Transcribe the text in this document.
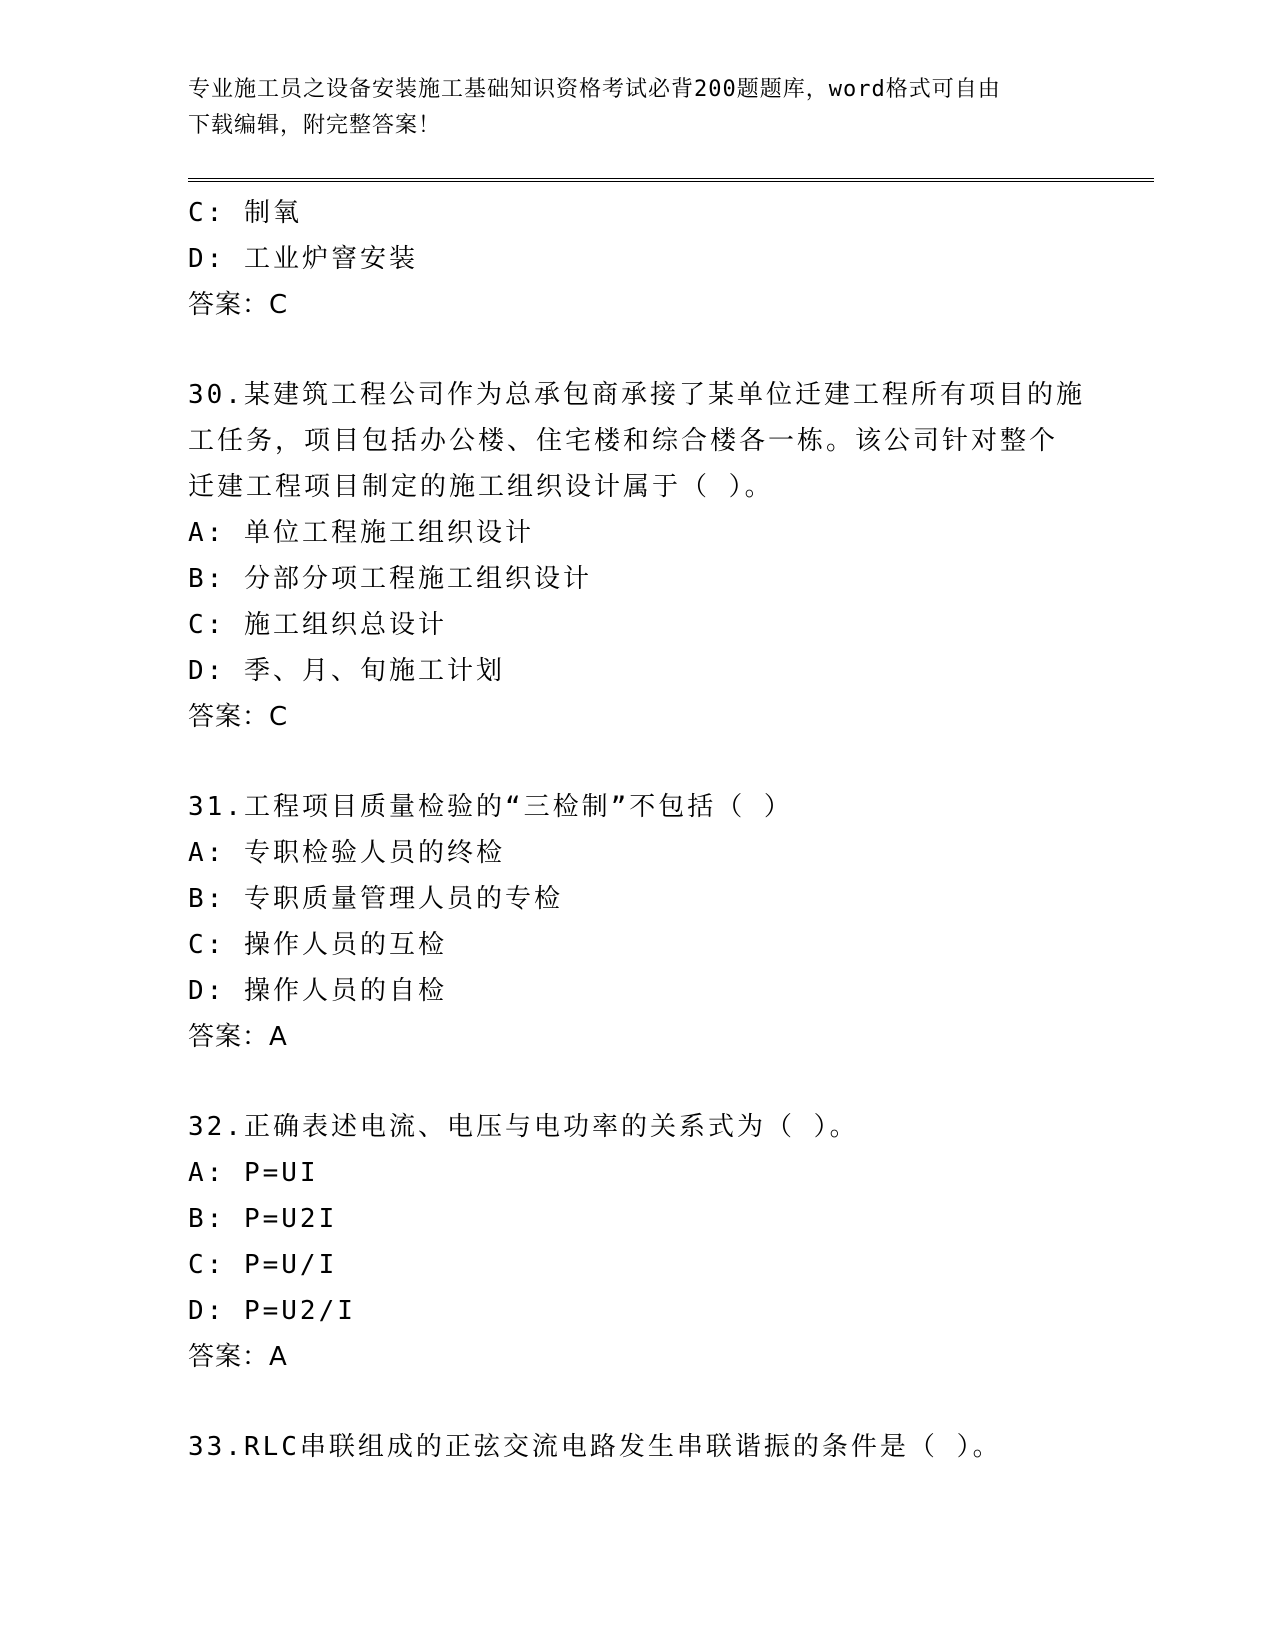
专业施工员之设备安装施工基础知识资格考试必背200题题库，word格式可自由
下载编辑，附完整答案！
C: 制氧
D: 工业炉窨安装
答案：C
30.某建筑工程公司作为总承包商承接了某单位迁建工程所有项目的施
工任务，项目包括办公楼、住宅楼和综合楼各一栋。该公司针对整个
迁建工程项目制定的施工组织设计属于（ ）。
A: 单位工程施工组织设计
B: 分部分项工程施工组织设计
C: 施工组织总设计
D: 季、月、旬施工计划
答案：C
31.工程项目质量检验的“三检制”不包括（ ）
A: 专职检验人员的终检
B: 专职质量管理人员的专检
C: 操作人员的互检
D: 操作人员的自检
答案：A
32.正确表述电流、电压与电功率的关系式为（ ）。
A: P=UI
B: P=U2I
C: P=U/I
D: P=U2/I
答案：A
33.RLC串联组成的正弦交流电路发生串联谐振的条件是（ ）。
